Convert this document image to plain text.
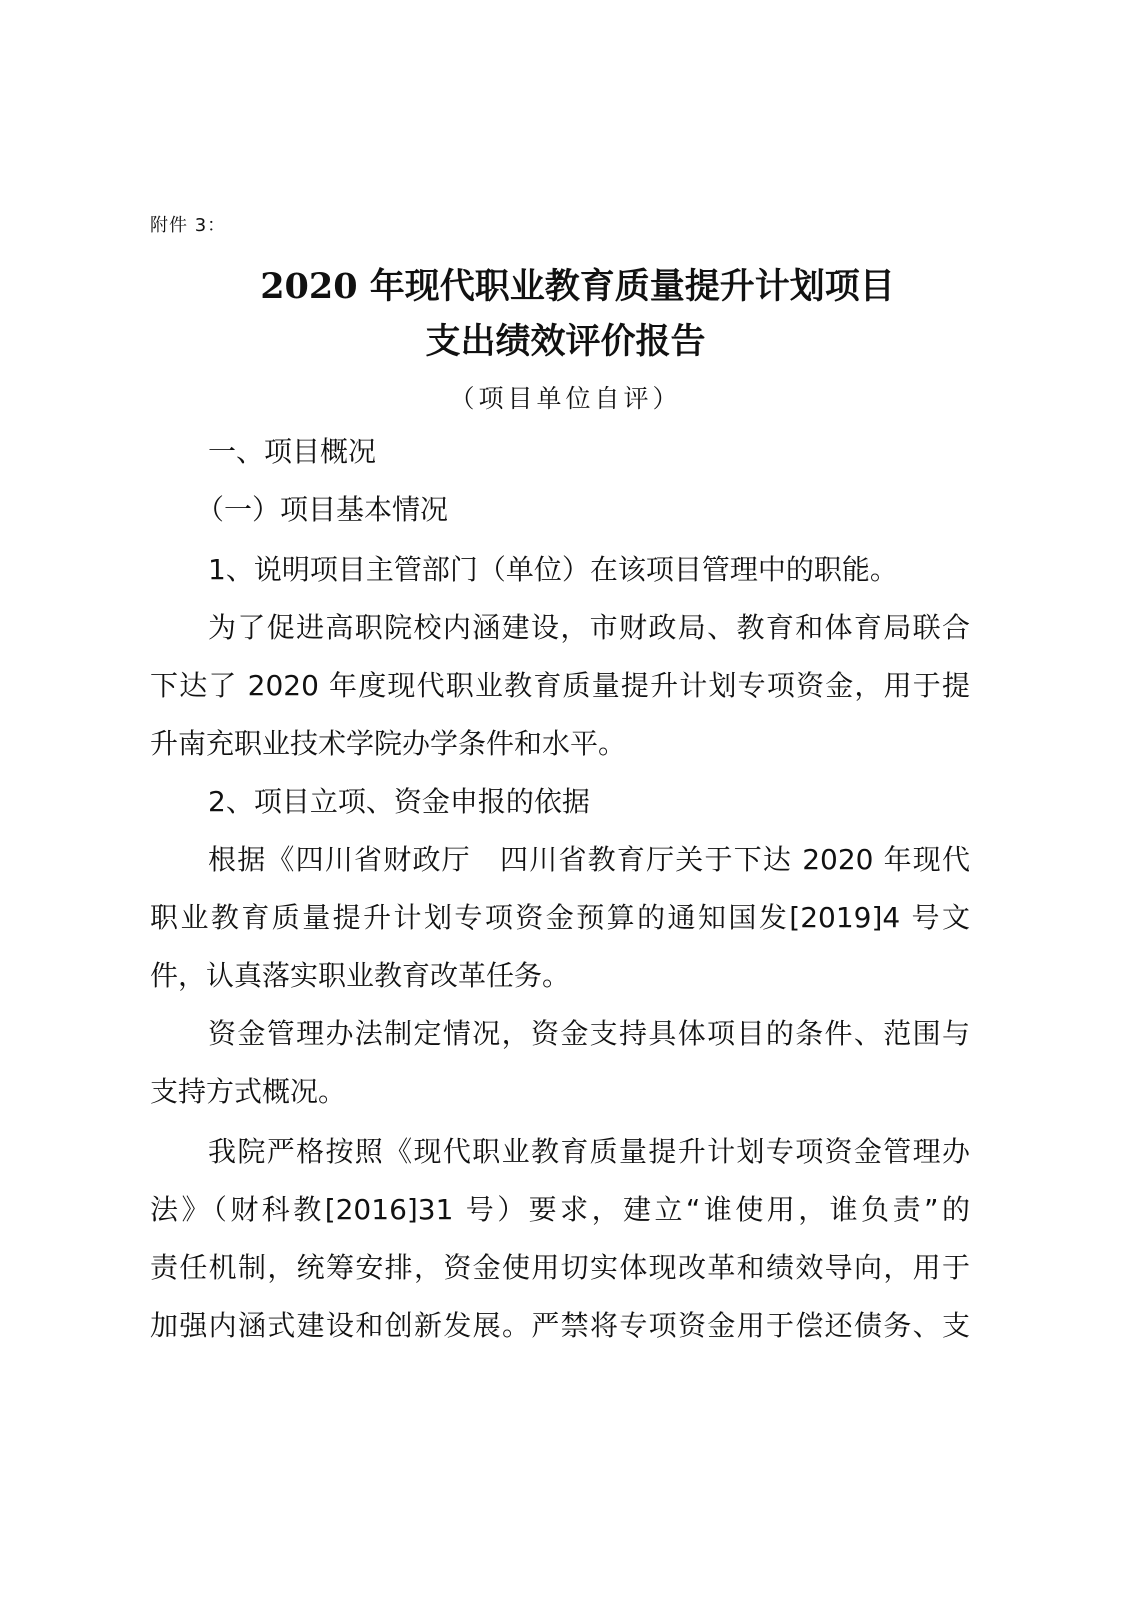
附件 3：
2020 年现代职业教育质量提升计划项目
支出绩效评价报告
（项目单位自评）
一、项目概况
（一）项目基本情况
1、说明项目主管部门（单位）在该项目管理中的职能。
为了促进高职院校内涵建设，市财政局、教育和体育局联合
下达了 2020 年度现代职业教育质量提升计划专项资金，用于提
升南充职业技术学院办学条件和水平。
2、项目立项、资金申报的依据
根据《四川省财政厅　四川省教育厅关于下达 2020 年现代
职业教育质量提升计划专项资金预算的通知国发[2019]4 号文
件，认真落实职业教育改革任务。
资金管理办法制定情况，资金支持具体项目的条件、范围与
支持方式概况。
我院严格按照《现代职业教育质量提升计划专项资金管理办
法》（财科教[2016]31 号）要求，建立“谁使用，谁负责”的
责任机制，统筹安排，资金使用切实体现改革和绩效导向，用于
加强内涵式建设和创新发展。严禁将专项资金用于偿还债务、支
